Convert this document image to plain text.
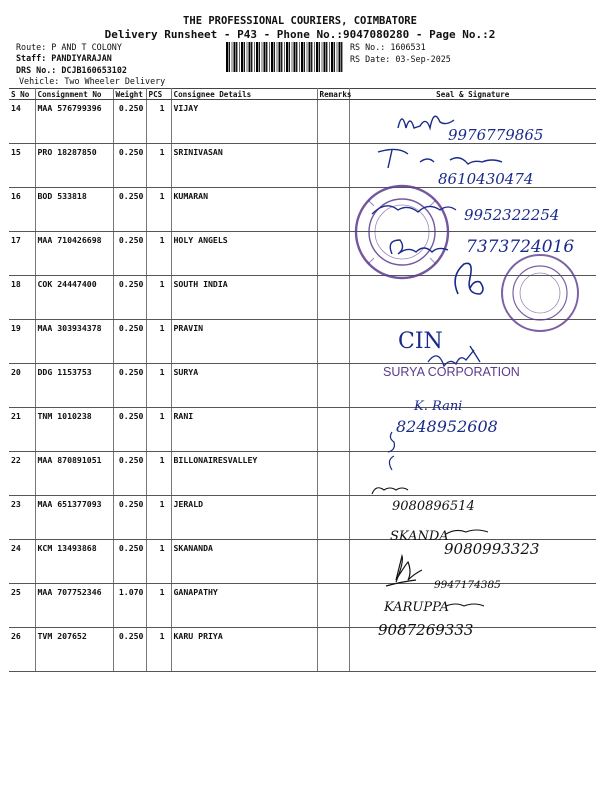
THE PROFESSIONAL COURIERS, COIMBATORE
Delivery Runsheet - P43 - Phone No.:9047080280 - Page No.:2
Route: P AND T COLONY
Staff: PANDIYARAJAN
DRS No.: DCJB160653102
Vehicle: Two Wheeler Delivery
RS No.: 1606531
RS Date: 03-Sep-2025
S No	Consignment No	Weight	PCS	Consignee Details	Remarks	Seal & Signature
14	MAA 576799396	0.250	1	VIJAY		
15	PRO 18287850	0.250	1	SRINIVASAN		
16	BOD 533818	0.250	1	KUMARAN		
17	MAA 710426698	0.250	1	HOLY ANGELS		
18	COK 24447400	0.250	1	SOUTH INDIA		
19	MAA 303934378	0.250	1	PRAVIN		
20	DDG 1153753	0.250	1	SURYA		
21	TNM 1010238	0.250	1	RANI		
22	MAA 870891051	0.250	1	BILLONAIRESVALLEY		
23	MAA 651377093	0.250	1	JERALD		
24	KCM 13493868	0.250	1	SKANANDA		
25	MAA 707752346	1.070	1	GANAPATHY		
26	TVM 207652	0.250	1	KARU PRIYA		
9976779865
8610430474
9952322254
7373724016
CIN
SURYA CORPORATION
K. Rani
8248952608
9080896514
SKANDA
9080993323
9947174385
KARUPPA
9087269333
